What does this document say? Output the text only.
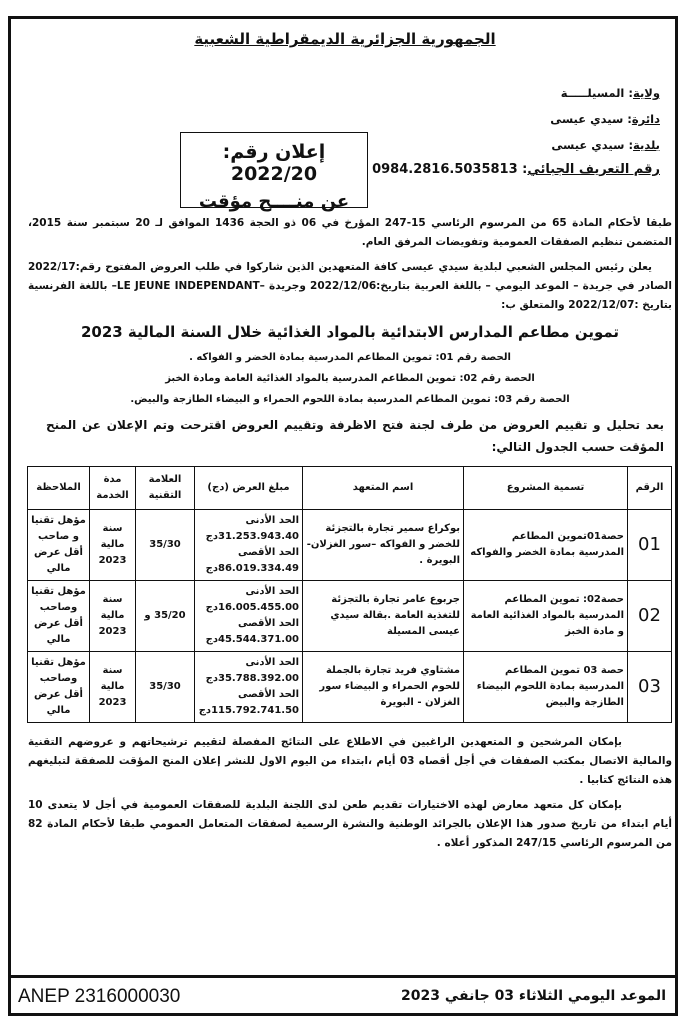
الجمهورية الجزائرية الديمقراطية الشعبية
ولاية: المسيلـــــة
دائرة: سيدي عيسى
بلدية: سيدي عيسى
رقم التعريف الجبائي: 0984.2816.5035813
إعلان رقم: 2022/20
عن منــــح مؤقت

طبقا لأحكام المادة 65 من المرسوم الرئاسي 15-247 المؤرخ في 06 ذو الحجة 1436 الموافق لـ 20 سبتمبر سنة 2015، المتضمن تنظيم الصفقات العمومية وتفويضات المرفق العام.

يعلن رئيس المجلس الشعبي لبلدية سيدي عيسى كافة المتعهدين الذين شاركوا في طلب العروض المفتوح رقم:2022/17 الصادر في جريدة – الموعد اليومي – باللغة العربية بتاريخ:2022/12/06 وجريدة –LE JEUNE INDEPENDANT– باللغة الفرنسية بتاريخ :2022/12/07 والمتعلق ب:

تموين مطاعم المدارس الابتدائية بالمواد الغذائية خلال السنة المالية 2023
الحصة رقم 01: تموين المطاعم المدرسية بمادة الخضر و الفواكه .
الحصة رقم 02: تموين المطاعم المدرسية بالمواد الغذائية العامة ومادة الخبز
الحصة رقم 03: تموين المطاعم المدرسية بمادة اللحوم الحمراء و البيضاء الطازجة والبيض.

بعد تحليل و تقييم العروض من طرف لجنة فتح الاظرفة وتقييم العروض اقترحت وتم الإعلان عن المنح المؤقت حسب الجدول التالي:

الرقم	تسمية المشروع	اسم المتعهد	مبلغ العرض (دج)	العلامة التقنية	مدة الخدمة	الملاحظة
01	حصة01تموين المطاعم المدرسية بمادة الخضر والفواكه	بوكراع سمير تجارة بالتجزئة للخضر و الفواكه –سور الغزلان- البويرة .	الحد الأدنى
31.253.943.40دج
الحد الأقصى
86.019.334.49دج	35/30	سنة مالية 2023	مؤهل تقنيا و صاحب أقل عرض مالي
02	حصة02: تموين المطاعم المدرسية بالمواد الغذائية العامة و مادة الخبز	جربوع عامر تجارة بالتجزئة للتغذية العامة .بقالة سيدي عيسى المسيلة	الحد الأدنى
16.005.455.00دج
الحد الأقصى
45.544.371.00دج	35/20 و	سنة مالية 2023	مؤهل تقنيا وصاحب أقل عرض مالي
03	حصة 03 تموين المطاعم المدرسية بمادة اللحوم البيضاء الطازجة والبيض	مشتاوي فريد تجارة بالجملة للحوم الحمراء و البيضاء سور الغزلان - البويرة	الحد الأدنى
35.788.392.00دج
الحد الأقصى
115.792.741.50دج	35/30	سنة مالية 2023	مؤهل تقنيا وصاحب أقل عرض مالي

بإمكان المرشحين و المتعهدين الراغبين في الاطلاع على النتائج المفصلة لتقييم ترشيحاتهم و عروضهم التقنية والمالية الاتصال بمكتب الصفقات في أجل أقصاه 03 أيام ،ابتداء من اليوم الاول للنشر إعلان المنح المؤقت للصفقة لتبليغهم هذه النتائج كتابيا .

بإمكان كل متعهد معارض لهذه الاختيارات تقديم طعن لدى اللجنة البلدية للصفقات العمومية في أجل لا يتعدى 10 أيام ابتداء من تاريخ صدور هذا الإعلان بالجرائد الوطنية والنشرة الرسمية لصفقات المتعامل العمومي طبقا لأحكام المادة 82 من المرسوم الرئاسي 247/15 المذكور أعلاه .

ANEP 2316000030	الموعد اليومي الثلاثاء 03 جانفي 2023
